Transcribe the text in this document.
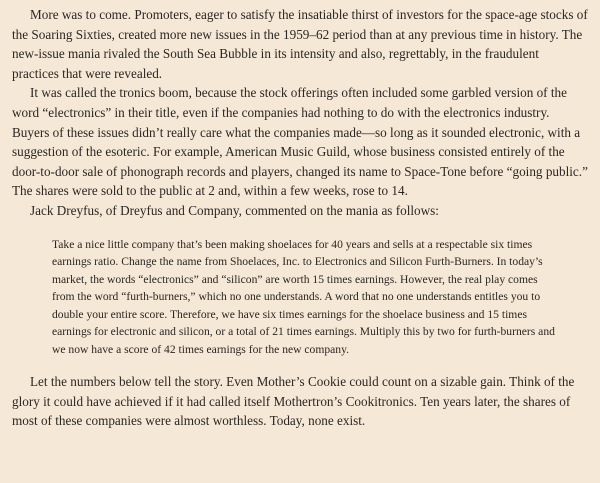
More was to come. Promoters, eager to satisfy the insatiable thirst of investors for the space-age stocks of the Soaring Sixties, created more new issues in the 1959–62 period than at any previous time in history. The new-issue mania rivaled the South Sea Bubble in its intensity and also, regrettably, in the fraudulent practices that were revealed.

It was called the tronics boom, because the stock offerings often included some garbled version of the word “electronics” in their title, even if the companies had nothing to do with the electronics industry. Buyers of these issues didn’t really care what the companies made—so long as it sounded electronic, with a suggestion of the esoteric. For example, American Music Guild, whose business consisted entirely of the door-to-door sale of phonograph records and players, changed its name to Space-Tone before “going public.” The shares were sold to the public at 2 and, within a few weeks, rose to 14.

Jack Dreyfus, of Dreyfus and Company, commented on the mania as follows:

Take a nice little company that’s been making shoelaces for 40 years and sells at a respectable six times earnings ratio. Change the name from Shoelaces, Inc. to Electronics and Silicon Furth-Burners. In today’s market, the words “electronics” and “silicon” are worth 15 times earnings. However, the real play comes from the word “furth-burners,” which no one understands. A word that no one understands entitles you to double your entire score. Therefore, we have six times earnings for the shoelace business and 15 times earnings for electronic and silicon, or a total of 21 times earnings. Multiply this by two for furth-burners and we now have a score of 42 times earnings for the new company.

Let the numbers below tell the story. Even Mother’s Cookie could count on a sizable gain. Think of the glory it could have achieved if it had called itself Mothertron’s Cookitronics. Ten years later, the shares of most of these companies were almost worthless. Today, none exist.
